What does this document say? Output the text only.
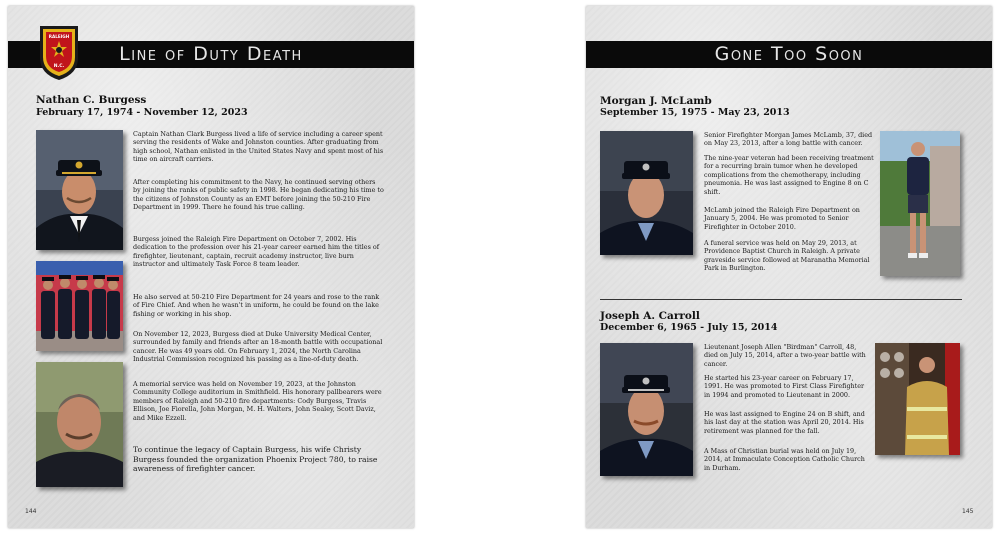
Line of Duty Death
RALEIGH
N.C.
Nathan C. Burgess
February 17, 1974 - November 12, 2023

Captain Nathan Clark Burgess lived a life of service including a career spent serving the residents of Wake and Johnston counties. After graduating from high school, Nathan enlisted in the United States Navy and spent most of his time on aircraft carriers.

After completing his commitment to the Navy, he continued serving others by joining the ranks of public safety in 1998. He began dedicating his time to the citizens of Johnston County as an EMT before joining the 50-210 Fire Department in 1999. There he found his true calling.

Burgess joined the Raleigh Fire Department on October 7, 2002. His dedication to the profession over his 21-year career earned him the titles of firefighter, lieutenant, captain, recruit academy instructor, live burn instructor and ultimately Task Force 8 team leader.

He also served at 50-210 Fire Department for 24 years and rose to the rank of Fire Chief. And when he wasn't in uniform, he could be found on the lake fishing or working in his shop.

On November 12, 2023, Burgess died at Duke University Medical Center, surrounded by family and friends after an 18-month battle with occupational cancer. He was 49 years old. On February 1, 2024, the North Carolina Industrial Commission recognized his passing as a line-of-duty death.

A memorial service was held on November 19, 2023, at the Johnston Community College auditorium in Smithfield. His honorary pallbearers were members of Raleigh and 50-210 fire departments: Cody Burgess, Travis Ellison, Joe Fiorella, John Morgan, M. H. Walters, John Sealey, Scott Daviz, and Mike Ezzell.

To continue the legacy of Captain Burgess, his wife Christy Burgess founded the organization Phoenix Project 780, to raise awareness of firefighter cancer.

144
Gone Too Soon
Morgan J. McLamb
September 15, 1975 - May 23, 2013

Senior Firefighter Morgan James McLamb, 37, died on May 23, 2013, after a long battle with cancer.

The nine-year veteran had been receiving treatment for a recurring brain tumor when he developed complications from the chemotherapy, including pneumonia. He was last assigned to Engine 8 on C shift.

McLamb joined the Raleigh Fire Department on January 5, 2004. He was promoted to Senior Firefighter in October 2010.

A funeral service was held on May 29, 2013, at Providence Baptist Church in Raleigh. A private graveside service followed at Maranatha Memorial Park in Burlington.

Joseph A. Carroll
December 6, 1965 - July 15, 2014

Lieutenant Joseph Allen "Birdman" Carroll, 48, died on July 15, 2014, after a two-year battle with cancer.

He started his 23-year career on February 17, 1991. He was promoted to First Class Firefighter in 1994 and promoted to Lieutenant in 2000.

He was last assigned to Engine 24 on B shift, and his last day at the station was April 20, 2014. His retirement was planned for the fall.

A Mass of Christian burial was held on July 19, 2014, at Immaculate Conception Catholic Church in Durham.

145
